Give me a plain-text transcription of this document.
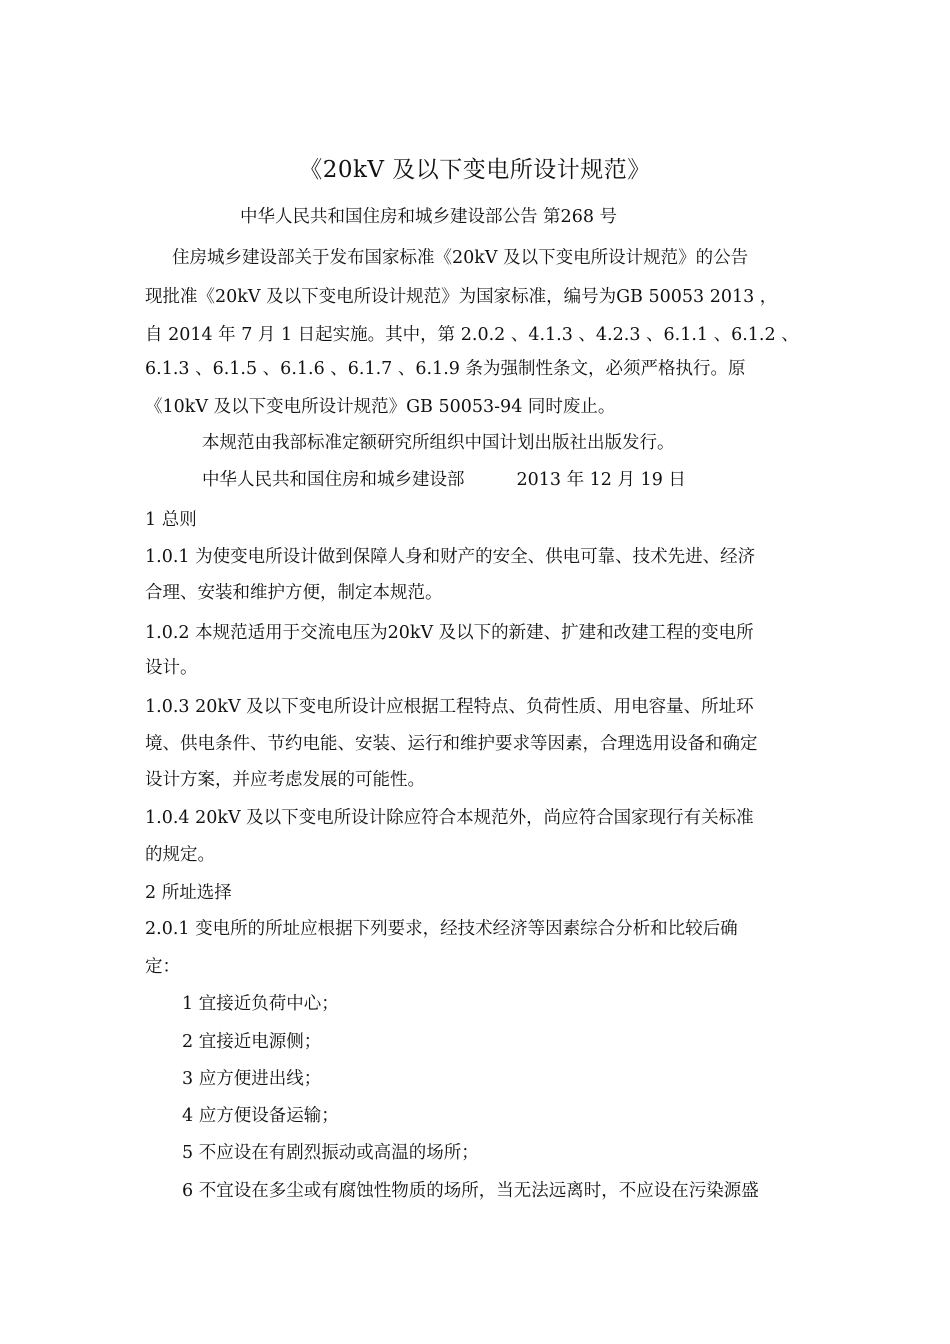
《20kV 及以下变电所设计规范》
中华人民共和国住房和城乡建设部公告 第268 号
住房城乡建设部关于发布国家标准《20kV 及以下变电所设计规范》的公告
现批准《20kV 及以下变电所设计规范》为国家标准，编号为GB 50053 2013 ，
自 2014 年 7 月 1 日起实施。其中，第 2.0.2 、4.1.3 、4.2.3 、6.1.1 、6.1.2 、
6.1.3 、6.1.5 、6.1.6 、6.1.7 、6.1.9 条为强制性条文，必须严格执行。原
《10kV 及以下变电所设计规范》GB 50053-94 同时废止。
本规范由我部标准定额研究所组织中国计划出版社出版发行。
中华人民共和国住房和城乡建设部	2013 年 12 月 19 日
1 总则
1.0.1 为使变电所设计做到保障人身和财产的安全、供电可靠、技术先进、经济
合理、安装和维护方便，制定本规范。
1.0.2 本规范适用于交流电压为20kV 及以下的新建、扩建和改建工程的变电所
设计。
1.0.3 20kV 及以下变电所设计应根据工程特点、负荷性质、用电容量、所址环
境、供电条件、节约电能、安装、运行和维护要求等因素，合理选用设备和确定
设计方案，并应考虑发展的可能性。
1.0.4 20kV 及以下变电所设计除应符合本规范外，尚应符合国家现行有关标准
的规定。
2 所址选择
2.0.1 变电所的所址应根据下列要求，经技术经济等因素综合分析和比较后确
定：
1 宜接近负荷中心；
2 宜接近电源侧；
3 应方便进出线；
4 应方便设备运输；
5 不应设在有剧烈振动或高温的场所；
6 不宜设在多尘或有腐蚀性物质的场所，当无法远离时，不应设在污染源盛
